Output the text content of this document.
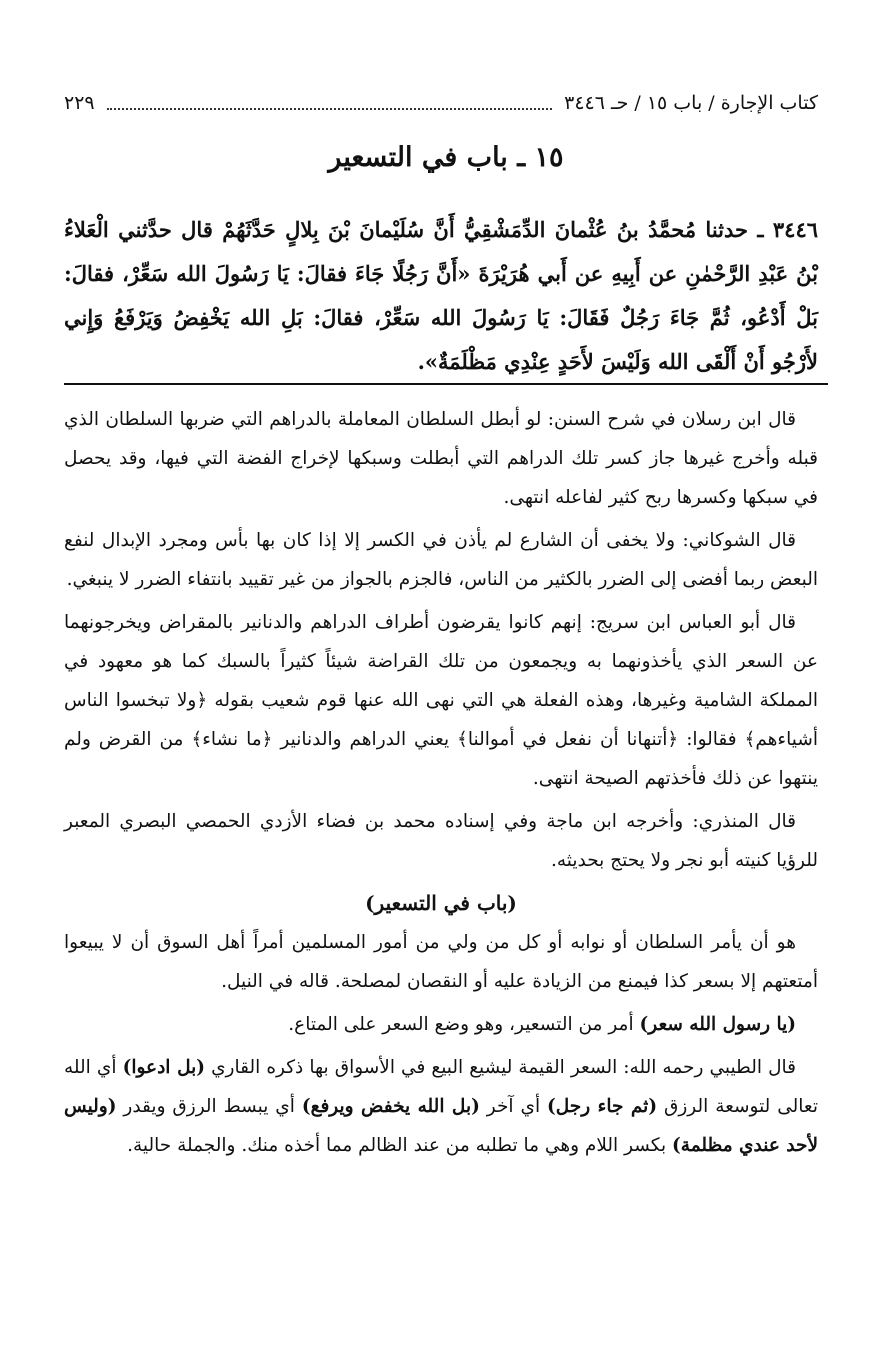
كتاب الإجارة / باب ١٥ / حـ ٣٤٤٦
٢٢٩
١٥ ـ باب في التسعير
٣٤٤٦ ـ حدثنا مُحمَّدُ بنُ عُثْمانَ الدِّمَشْقِيُّ أَنَّ سُلَيْمانَ بْنَ بِلالٍ حَدَّثَهُمْ قال حدَّثني الْعَلاءُ بْنُ عَبْدِ الرَّحْمٰنِ عن أَبِيهِ عن أَبي هُرَيْرَةَ «أَنَّ رَجُلًا جَاءَ فقالَ: يَا رَسُولَ الله سَعِّرْ، فقالَ: بَلْ أَدْعُو، ثُمَّ جَاءَ رَجُلٌ فَقَالَ: يَا رَسُولَ الله سَعِّرْ، فقالَ: بَلِ الله يَخْفِضُ وَيَرْفَعُ وَإِني لأَرْجُو أَنْ أَلْقَى الله وَلَيْسَ لأَحَدٍ عِنْدِي مَظْلَمَةٌ».

قال ابن رسلان في شرح السنن: لو أبطل السلطان المعاملة بالدراهم التي ضربها السلطان الذي قبله وأخرج غيرها جاز كسر تلك الدراهم التي أبطلت وسبكها لإخراج الفضة التي فيها، وقد يحصل في سبكها وكسرها ربح كثير لفاعله انتهى.

قال الشوكاني: ولا يخفى أن الشارع لم يأذن في الكسر إلا إذا كان بها بأس ومجرد الإبدال لنفع البعض ربما أفضى إلى الضرر بالكثير من الناس، فالجزم بالجواز من غير تقييد بانتفاء الضرر لا ينبغي.

قال أبو العباس ابن سريج: إنهم كانوا يقرضون أطراف الدراهم والدنانير بالمقراض ويخرجونهما عن السعر الذي يأخذونهما به ويجمعون من تلك القراضة شيئاً كثيراً بالسبك كما هو معهود في المملكة الشامية وغيرها، وهذه الفعلة هي التي نهى الله عنها قوم شعيب بقوله ﴿ولا تبخسوا الناس أشياءهم﴾ فقالوا: ﴿أتنهانا أن نفعل في أموالنا﴾ يعني الدراهم والدنانير ﴿ما نشاء﴾ من القرض ولم ينتهوا عن ذلك فأخذتهم الصيحة انتهى.

قال المنذري: وأخرجه ابن ماجة وفي إسناده محمد بن فضاء الأزدي الحمصي البصري المعبر للرؤيا كنيته أبو نجر ولا يحتج بحديثه.

(باب في التسعير)

هو أن يأمر السلطان أو نوابه أو كل من ولي من أمور المسلمين أمراً أهل السوق أن لا يبيعوا أمتعتهم إلا بسعر كذا فيمنع من الزيادة عليه أو النقصان لمصلحة. قاله في النيل.

(يا رسول الله سعر) أمر من التسعير، وهو وضع السعر على المتاع.

قال الطيبي رحمه الله: السعر القيمة ليشيع البيع في الأسواق بها ذكره القاري (بل ادعوا) أي الله تعالى لتوسعة الرزق (ثم جاء رجل) أي آخر (بل الله يخفض ويرفع) أي يبسط الرزق ويقدر (وليس لأحد عندي مظلمة) بكسر اللام وهي ما تطلبه من عند الظالم مما أخذه منك. والجملة حالية.
